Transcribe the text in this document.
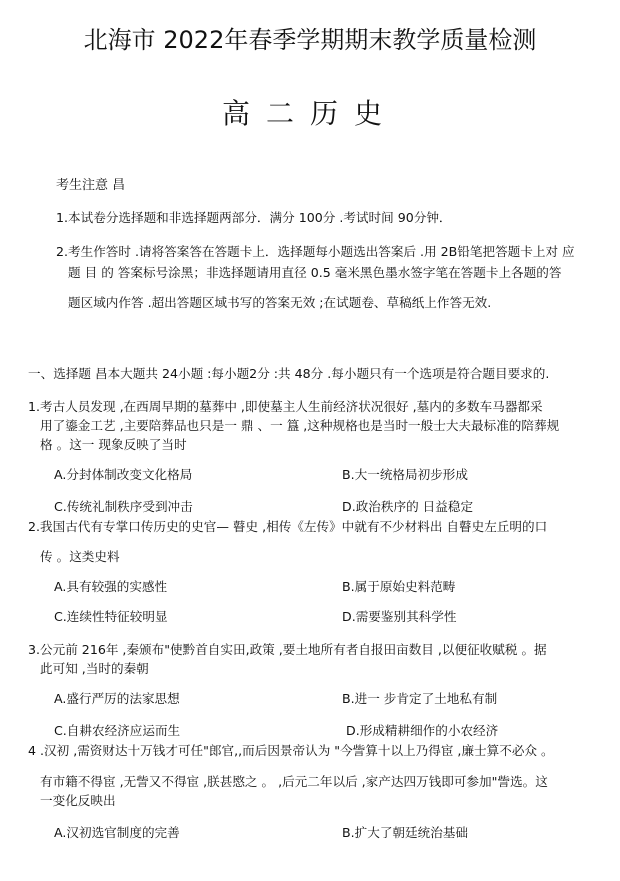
北海市 2022年春季学期期末教学质量检测
高二历史
考生注意 昌
1.本试卷分选择题和非选择题两部分．满分 100分 .考试时间 90分钟．
2.考生作答时 .请将答案答在答题卡上．选择题每小题选出答案后 .用 2B铅笔把答题卡上对 应
题 目 的 答案标号涂黑；非选择题请用直径 0.5 毫米黑色墨水签字笔在答题卡上各题的答
题区域内作答 .超出答题区域书写的答案无效 ;在试题卷、草稿纸上作答无效.
一、选择题 昌本大题共 24小题 :每小题2分 :共 48分 .每小题只有一个选项是符合题目要求的.
1.考古人员发现 ,在西周早期的墓葬中 ,即使墓主人生前经济状况很好 ,墓内的多数车马器都采
用了鎏金工艺 ,主要陪葬品也只是一 鼎 、一 簋 ,这种规格也是当时一般士大夫最标准的陪葬规
格 。这一 现象反映了当时
A.分封体制改变文化格局	B.大一统格局初步形成
C.传统礼制秩序受到冲击	D.政治秩序的 日益稳定
2.我国古代有专掌口传历史的史官— 瞽史 ,相传《左传》中就有不少材料出 自瞽史左丘明的口
传 。这类史料
A.具有较强的实感性	B.属于原始史料范畴
C.连续性特征较明显	D.需要鉴别其科学性
3.公元前 216年 ,秦颁布"使黔首自实田,政策 ,要土地所有者自报田亩数目 ,以便征收赋税 。据
此可知 ,当时的秦朝
A.盛行严厉的法家思想	B.进一 步肯定了土地私有制
C.自耕农经济应运而生	D.形成精耕细作的小农经济
4 .汉初 ,需资财达十万钱才可任"郎官,,而后因景帝认为 "今訾算十以上乃得宦 ,廉士算不必众 。
有市籍不得宦 ,无訾又不得宦 ,朕甚愍之 。 ,后元二年以后 ,家产达四万钱即可参加"訾选。这
一变化反映出
A.汉初选官制度的完善	B.扩大了朝廷统治基础
